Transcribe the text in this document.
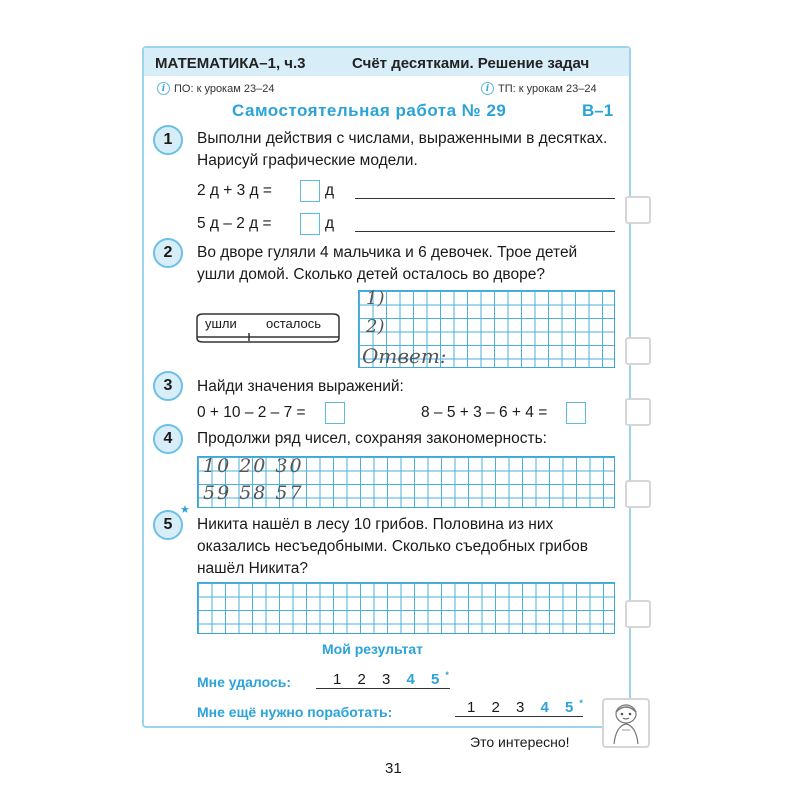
МАТЕМАТИКА–1, ч.3	Счёт десятками. Решение задач
i ПО: к урокам 23–24	i ТП: к урокам 23–24
Самостоятельная работа № 29	В–1
1	Выполни действия с числами, выраженными в десятках.
Нарисуй графические модели.
2 д + 3 д =	д
5 д – 2 д =	д
2	Во дворе гуляли 4 мальчика и 6 девочек. Трое детей
ушли домой. Сколько детей осталось во дворе?
ушли осталось
1)
2)
Ответ:
3	Найди значения выражений:
0 + 10 – 2 – 7 =	8 – 5 + 3 – 6 + 4 =
4	Продолжи ряд чисел, сохраняя закономерность:
10 20 30
59 58 57
5
★
Никита нашёл в лесу 10 грибов. Половина из них
оказались несъедобными. Сколько съедобных грибов
нашёл Никита?
Мой результат
Мне удалось:	1 2 3 4 5*
Мне ещё нужно поработать:	1 2 3 4 5*
Это интересно!
31
